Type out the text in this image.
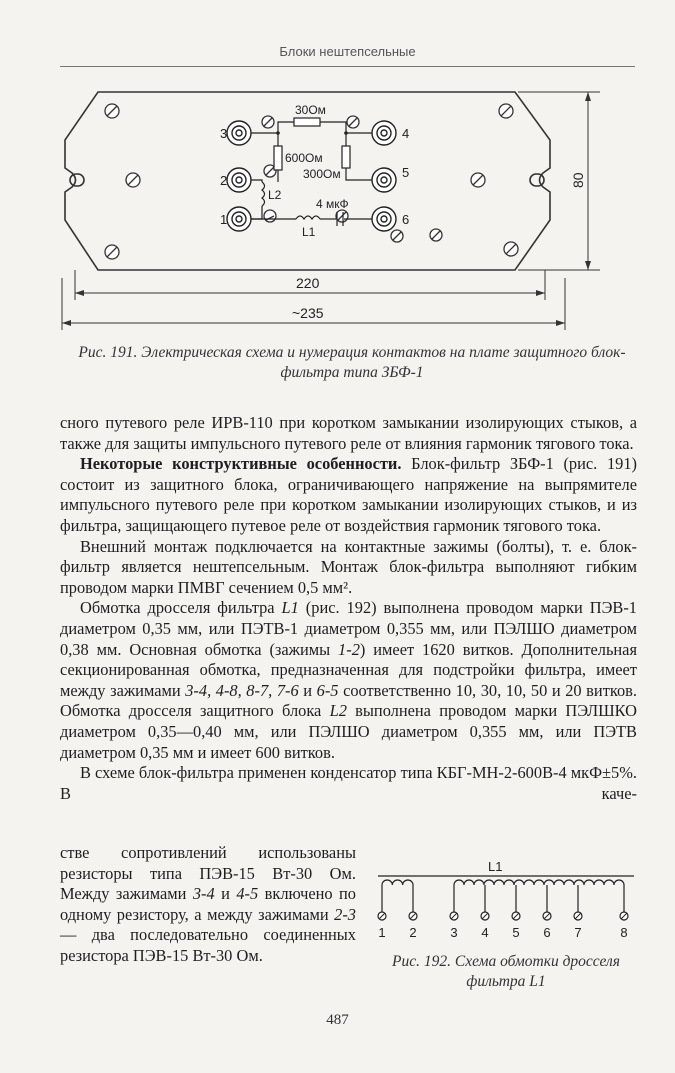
Блоки нештепсельные
3
2
1
4
5
6
30Ом
600Ом
300Ом
4 мкФ
L2
L1
80
220
~235
Рис. 191. Электрическая схема и нумерация контактов на плате защитного блок-фильтра типа ЗБФ-1

сного путевого реле ИРВ-110 при коротком замыкании изолирующих стыков, а также для защиты импульсного путевого реле от влияния гармоник тягового тока.

Некоторые конструктивные особенности. Блок-фильтр ЗБФ-1 (рис. 191) состоит из защитного блока, ограничивающего напряжение на выпрямителе импульсного путевого реле при коротком замыкании изолирующих стыков, и из фильтра, защищающего путевое реле от воздействия гармоник тягового тока.

Внешний монтаж подключается на контактные зажимы (болты), т. е. блок-фильтр является нештепсельным. Монтаж блок-фильтра выполняют гибким проводом марки ПМВГ сечением 0,5 мм².

Обмотка дросселя фильтра L1 (рис. 192) выполнена проводом марки ПЭВ-1 диаметром 0,35 мм, или ПЭТВ-1 диаметром 0,355 мм, или ПЭЛШО диаметром 0,38 мм. Основная обмотка (зажимы 1-2) имеет 1620 витков. Дополнительная секционированная обмотка, предназначенная для подстройки фильтра, имеет между зажимами 3-4, 4-8, 8-7, 7-6 и 6-5 соответственно 10, 30, 10, 50 и 20 витков. Обмотка дросселя защитного блока L2 выполнена проводом марки ПЭЛШКО диаметром 0,35—0,40 мм, или ПЭЛШО диаметром 0,355 мм, или ПЭТВ диаметром 0,35 мм и имеет 600 витков.

В схеме блок-фильтра применен конденсатор типа КБГ-МН-2-600В-4 мкФ±5%. В каче-

стве сопротивлений использованы резисторы типа ПЭВ-15 Вт-30 Ом. Между зажимами 3-4 и 4-5 включено по одному резистору, а между зажимами 2-3 — два последовательно соединенных резистора ПЭВ-15 Вт-30 Ом.

L1
1 2	3 4 5 6 7	8
Рис. 192. Схема обмотки дросселя фильтра L1
487
